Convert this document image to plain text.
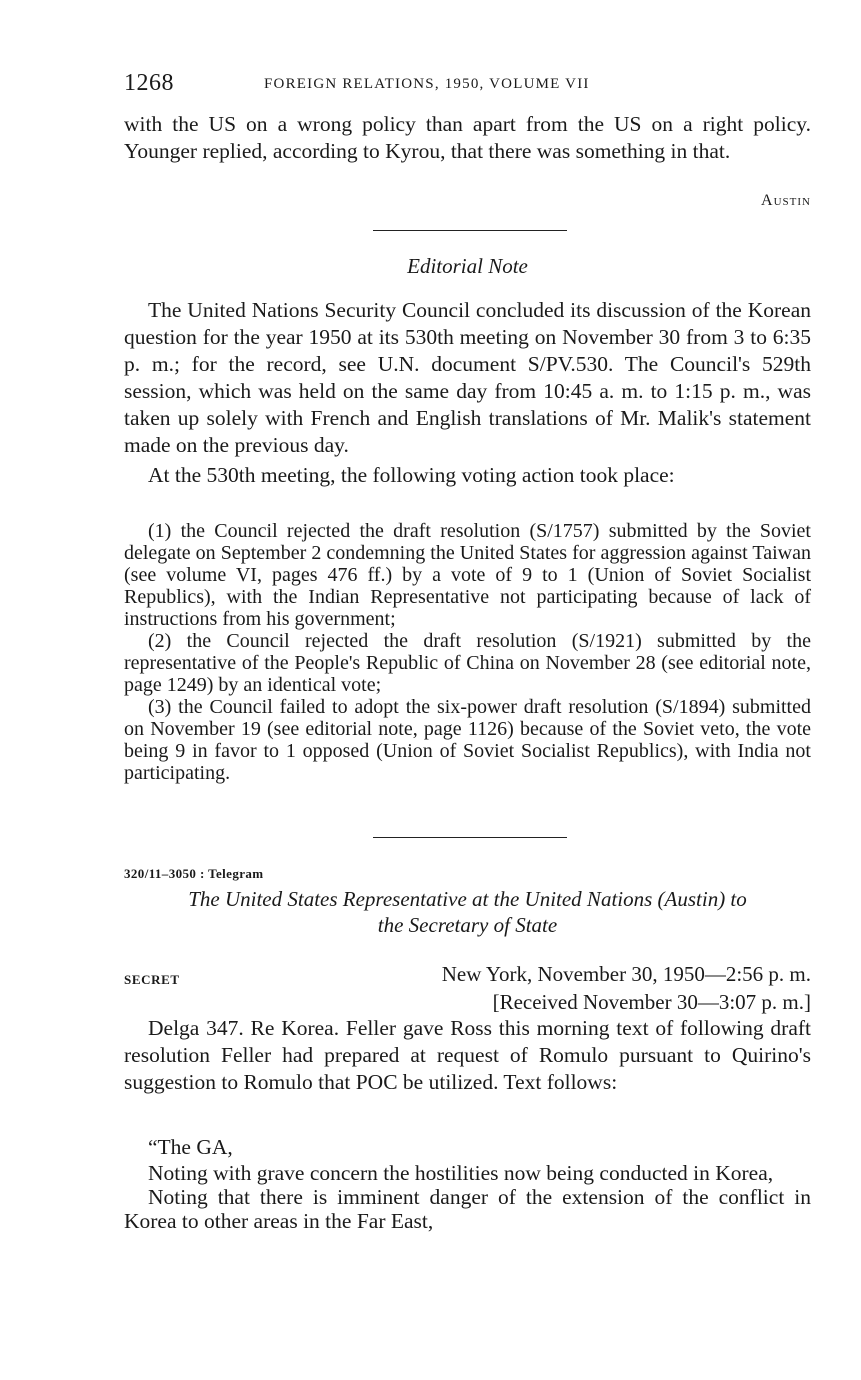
1268	FOREIGN RELATIONS, 1950, VOLUME VII

with the US on a wrong policy than apart from the US on a right policy. Younger replied, according to Kyrou, that there was something in that.

Austin
Editorial Note

The United Nations Security Council concluded its discussion of the Korean question for the year 1950 at its 530th meeting on November 30 from 3 to 6:35 p. m.; for the record, see U.N. document S/PV.530. The Council's 529th session, which was held on the same day from 10:45 a. m. to 1:15 p. m., was taken up solely with French and English translations of Mr. Malik's statement made on the previous day.

At the 530th meeting, the following voting action took place:

(1) the Council rejected the draft resolution (S/1757) submitted by the Soviet delegate on September 2 condemning the United States for aggression against Taiwan (see volume VI, pages 476 ff.) by a vote of 9 to 1 (Union of Soviet Socialist Republics), with the Indian Representative not participating because of lack of instructions from his government;

(2) the Council rejected the draft resolution (S/1921) submitted by the representative of the People's Republic of China on November 28 (see editorial note, page 1249) by an identical vote;

(3) the Council failed to adopt the six-power draft resolution (S/1894) submitted on November 19 (see editorial note, page 1126) because of the Soviet veto, the vote being 9 in favor to 1 opposed (Union of Soviet Socialist Republics), with India not participating.

320/11–3050 : Telegram
The United States Representative at the United Nations (Austin) to
the Secretary of State
SECRET	New York, November 30, 1950—2:56 p. m.
[Received November 30—3:07 p. m.]

Delga 347. Re Korea. Feller gave Ross this morning text of following draft resolution Feller had prepared at request of Romulo pursuant to Quirino's suggestion to Romulo that POC be utilized. Text follows:

“The GA,

Noting with grave concern the hostilities now being conducted in Korea,

Noting that there is imminent danger of the extension of the conflict in Korea to other areas in the Far East,
